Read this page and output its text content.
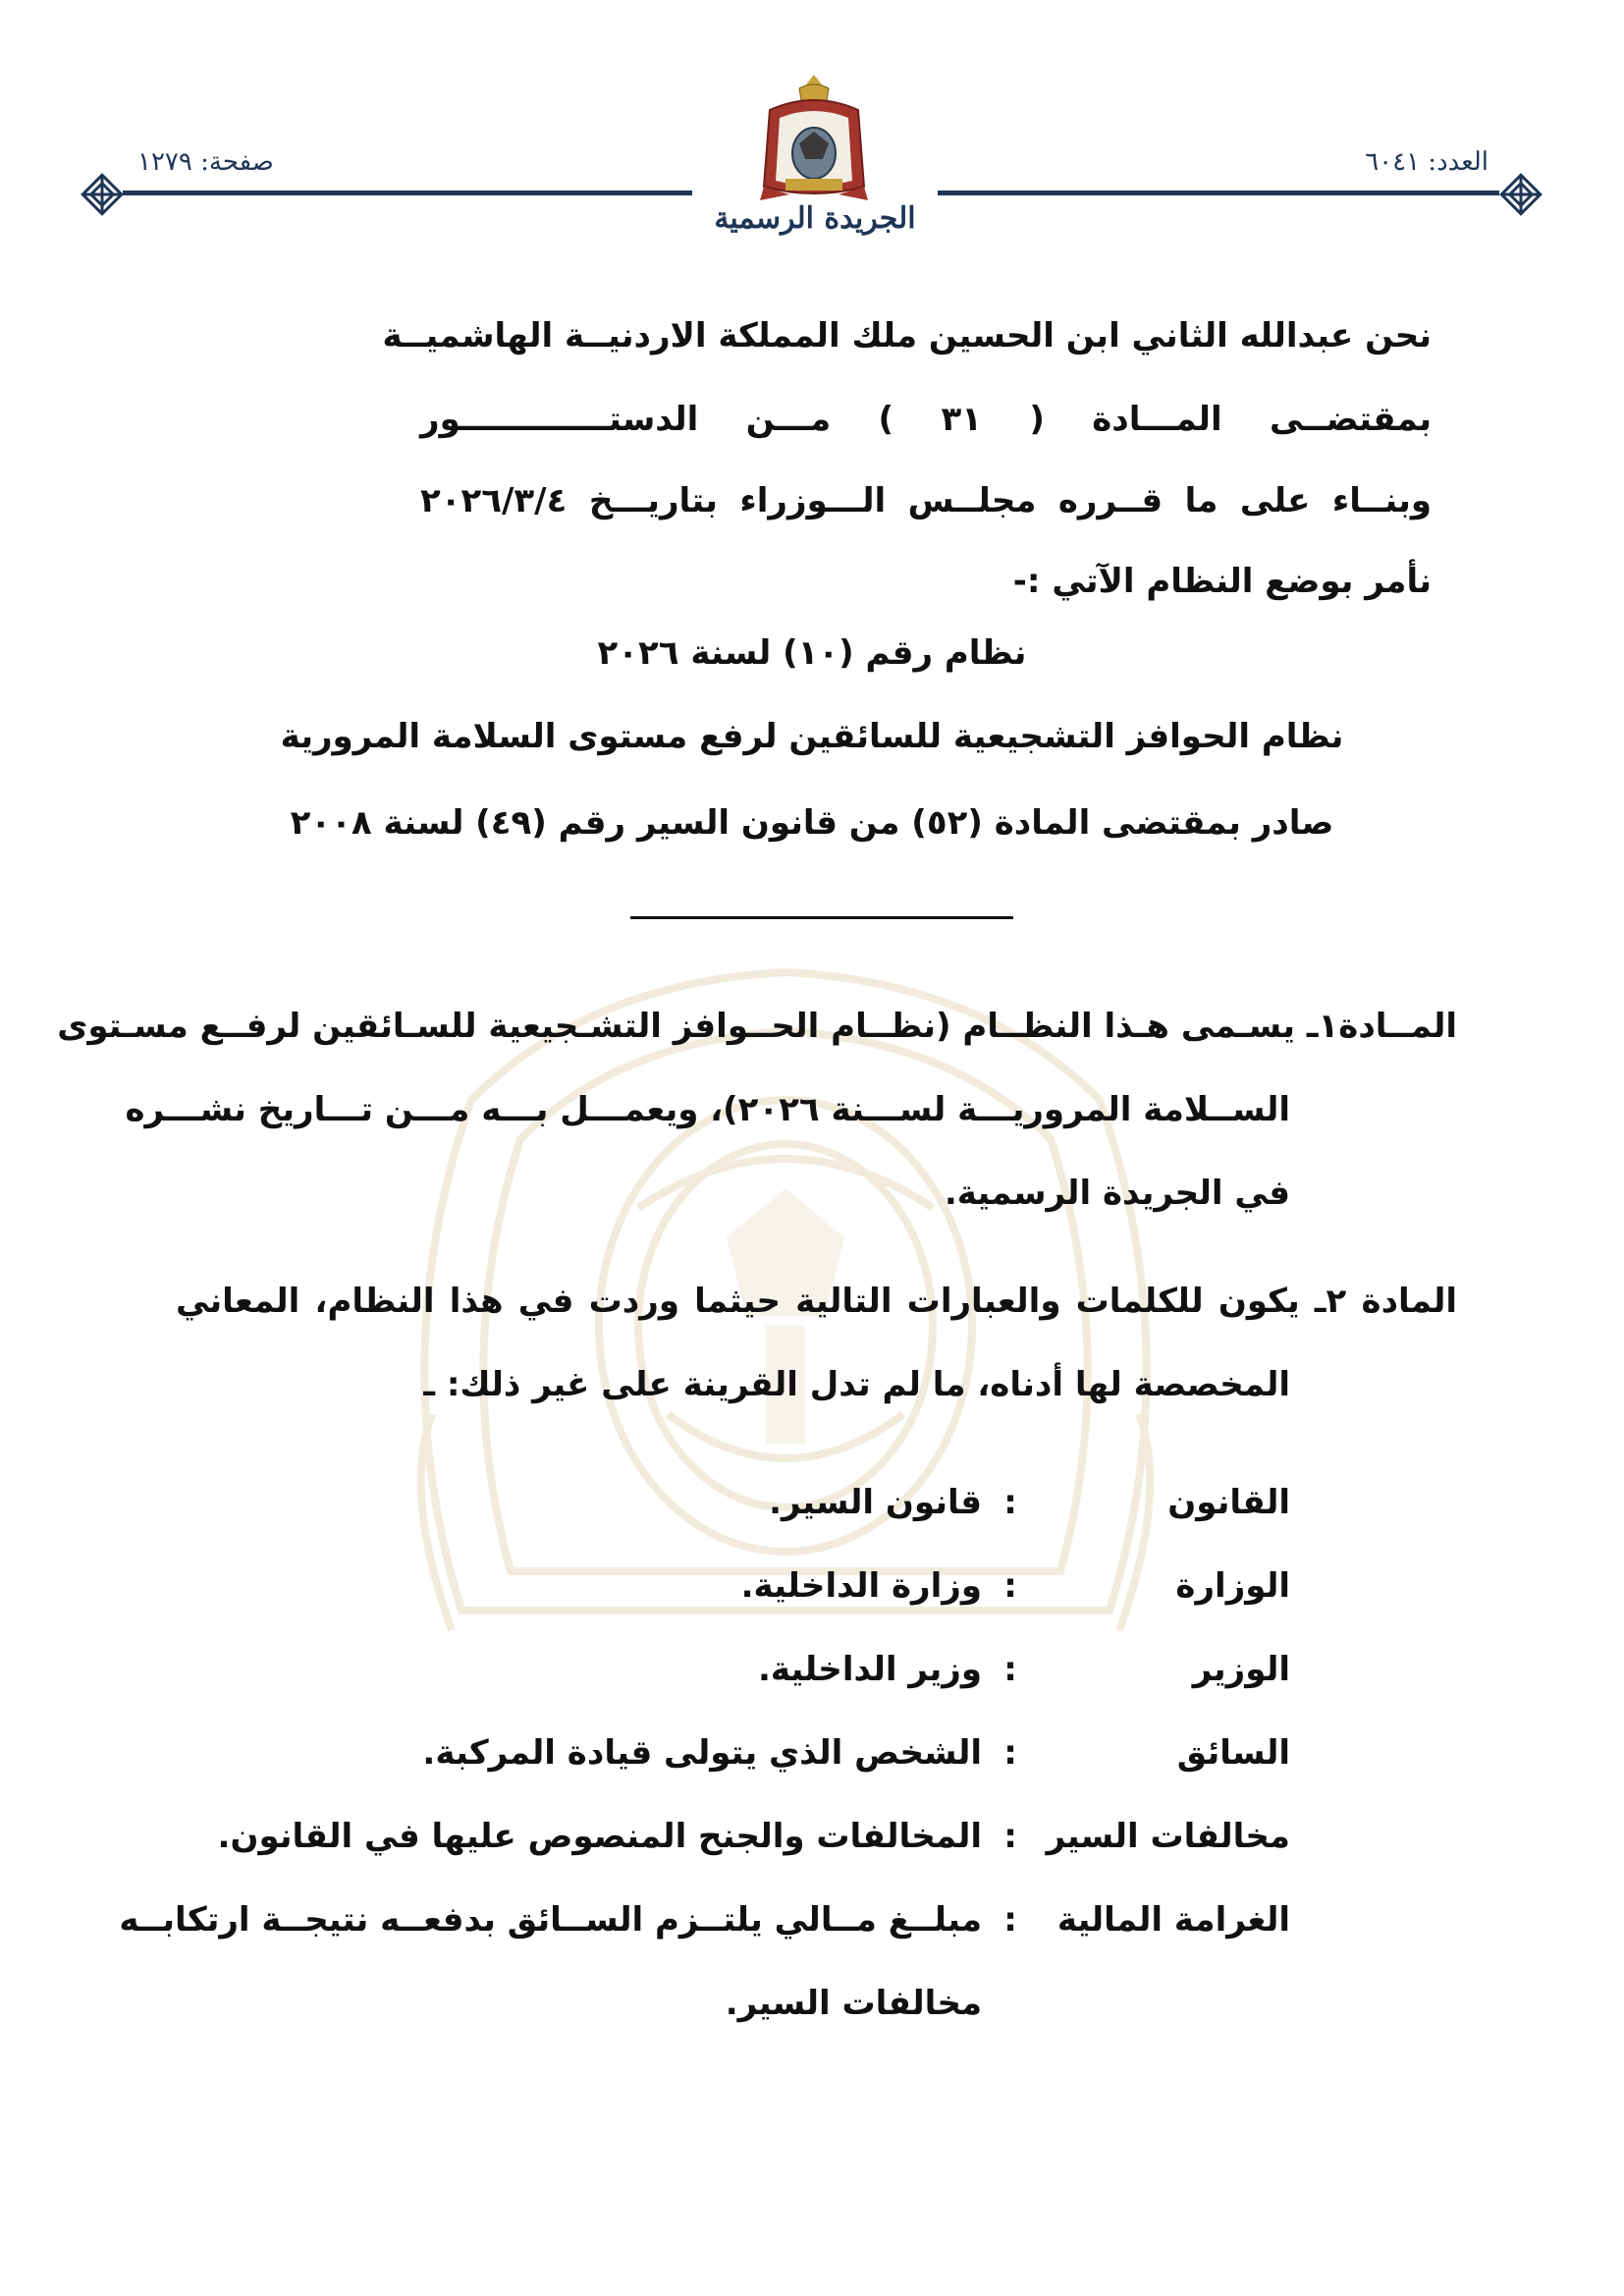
العدد: ٦٠٤١
صفحة: ١٢٧٩
الجريدة الرسمية
نحن عبدالله الثاني ابن الحسين ملك المملكة الاردنيــة الهاشميــة
بمقتضــى المـــادة ( ٣١ ) مـــن الدستـــــــــــــور
وبنــاء على ما قــرره مجلــس الـــوزراء بتاريـــخ ٢٠٢٦/٣/٤
نأمر بوضع النظام الآتي :-
نظام رقم (١٠) لسنة ٢٠٢٦
نظام الحوافز التشجيعية للسائقين لرفع مستوى السلامة المرورية
صادر بمقتضى المادة (٥٢) من قانون السير رقم (٤٩) لسنة ٢٠٠٨
المــادة١ـ يسـمى هـذا النظــام (نظــام الحــوافز التشـجيعية للسـائقين لرفــع مسـتوى
الســلامة المروريـــة لســـنة ٢٠٢٦)، ويعمـــل بـــه مـــن تـــاريخ نشـــره
في الجريدة الرسمية.
المادة ٢ـ يكون للكلمات والعبارات التالية حيثما وردت في هذا النظام، المعاني
المخصصة لها أدناه، ما لم تدل القرينة على غير ذلك: ـ
القانون
:
قانون السير.
الوزارة
:
وزارة الداخلية.
الوزير
:
وزير الداخلية.
السائق
:
الشخص الذي يتولى قيادة المركبة.
مخالفات السير
:
المخالفات والجنح المنصوص عليها في القانون.
الغرامة المالية
:
مبلــغ مــالي يلتــزم الســائق بدفعــه نتيجــة ارتكابــه
مخالفات السير.
